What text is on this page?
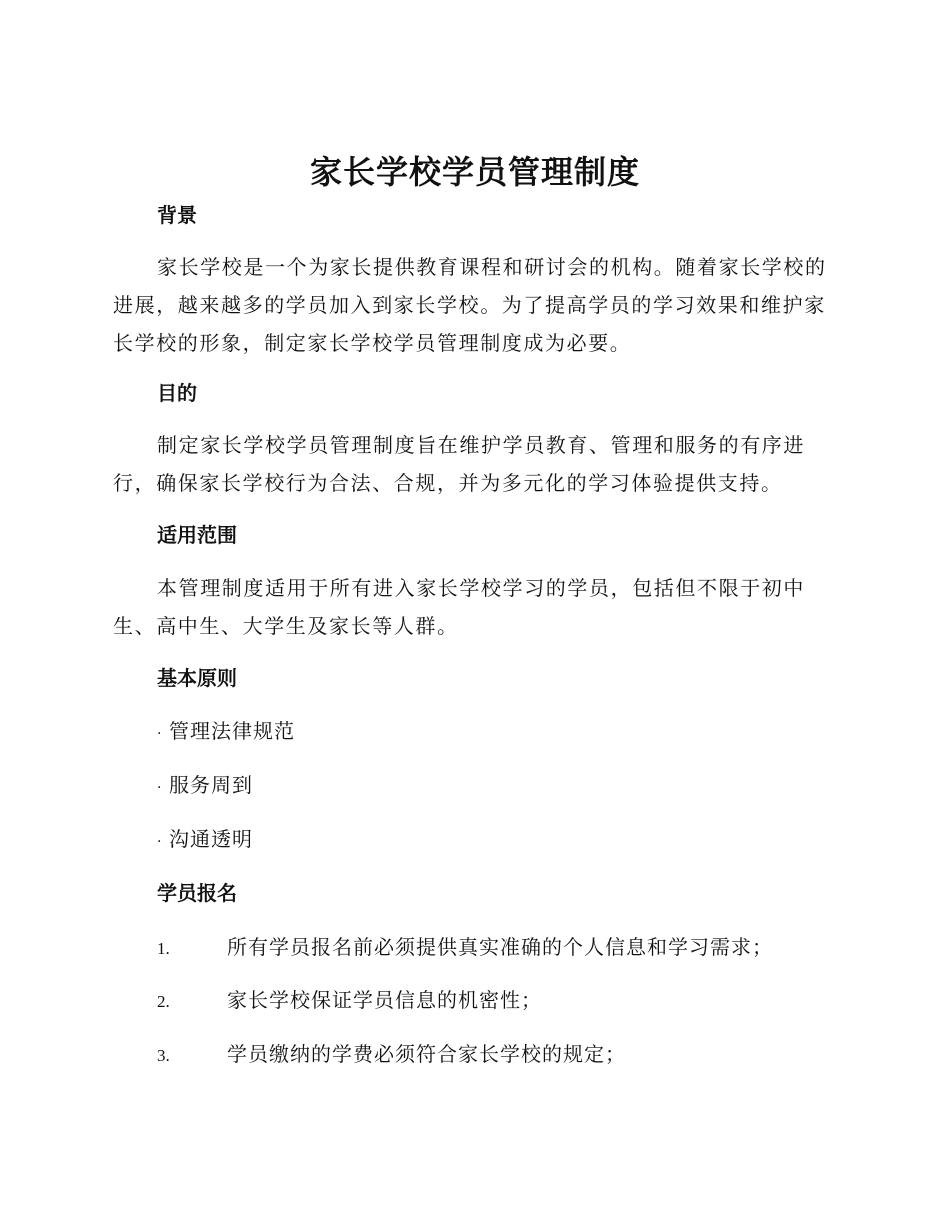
家长学校学员管理制度
背景
家长学校是一个为家长提供教育课程和研讨会的机构。随着家长学校的进展，越来越多的学员加入到家长学校。为了提高学员的学习效果和维护家长学校的形象，制定家长学校学员管理制度成为必要。
目的
制定家长学校学员管理制度旨在维护学员教育、管理和服务的有序进行，确保家长学校行为合法、合规，并为多元化的学习体验提供支持。
适用范围
本管理制度适用于所有进入家长学校学习的学员，包括但不限于初中生、高中生、大学生及家长等人群。
基本原则
· 管理法律规范
· 服务周到
· 沟通透明
学员报名
1.	所有学员报名前必须提供真实准确的个人信息和学习需求；
2.	家长学校保证学员信息的机密性；
3.	学员缴纳的学费必须符合家长学校的规定；
